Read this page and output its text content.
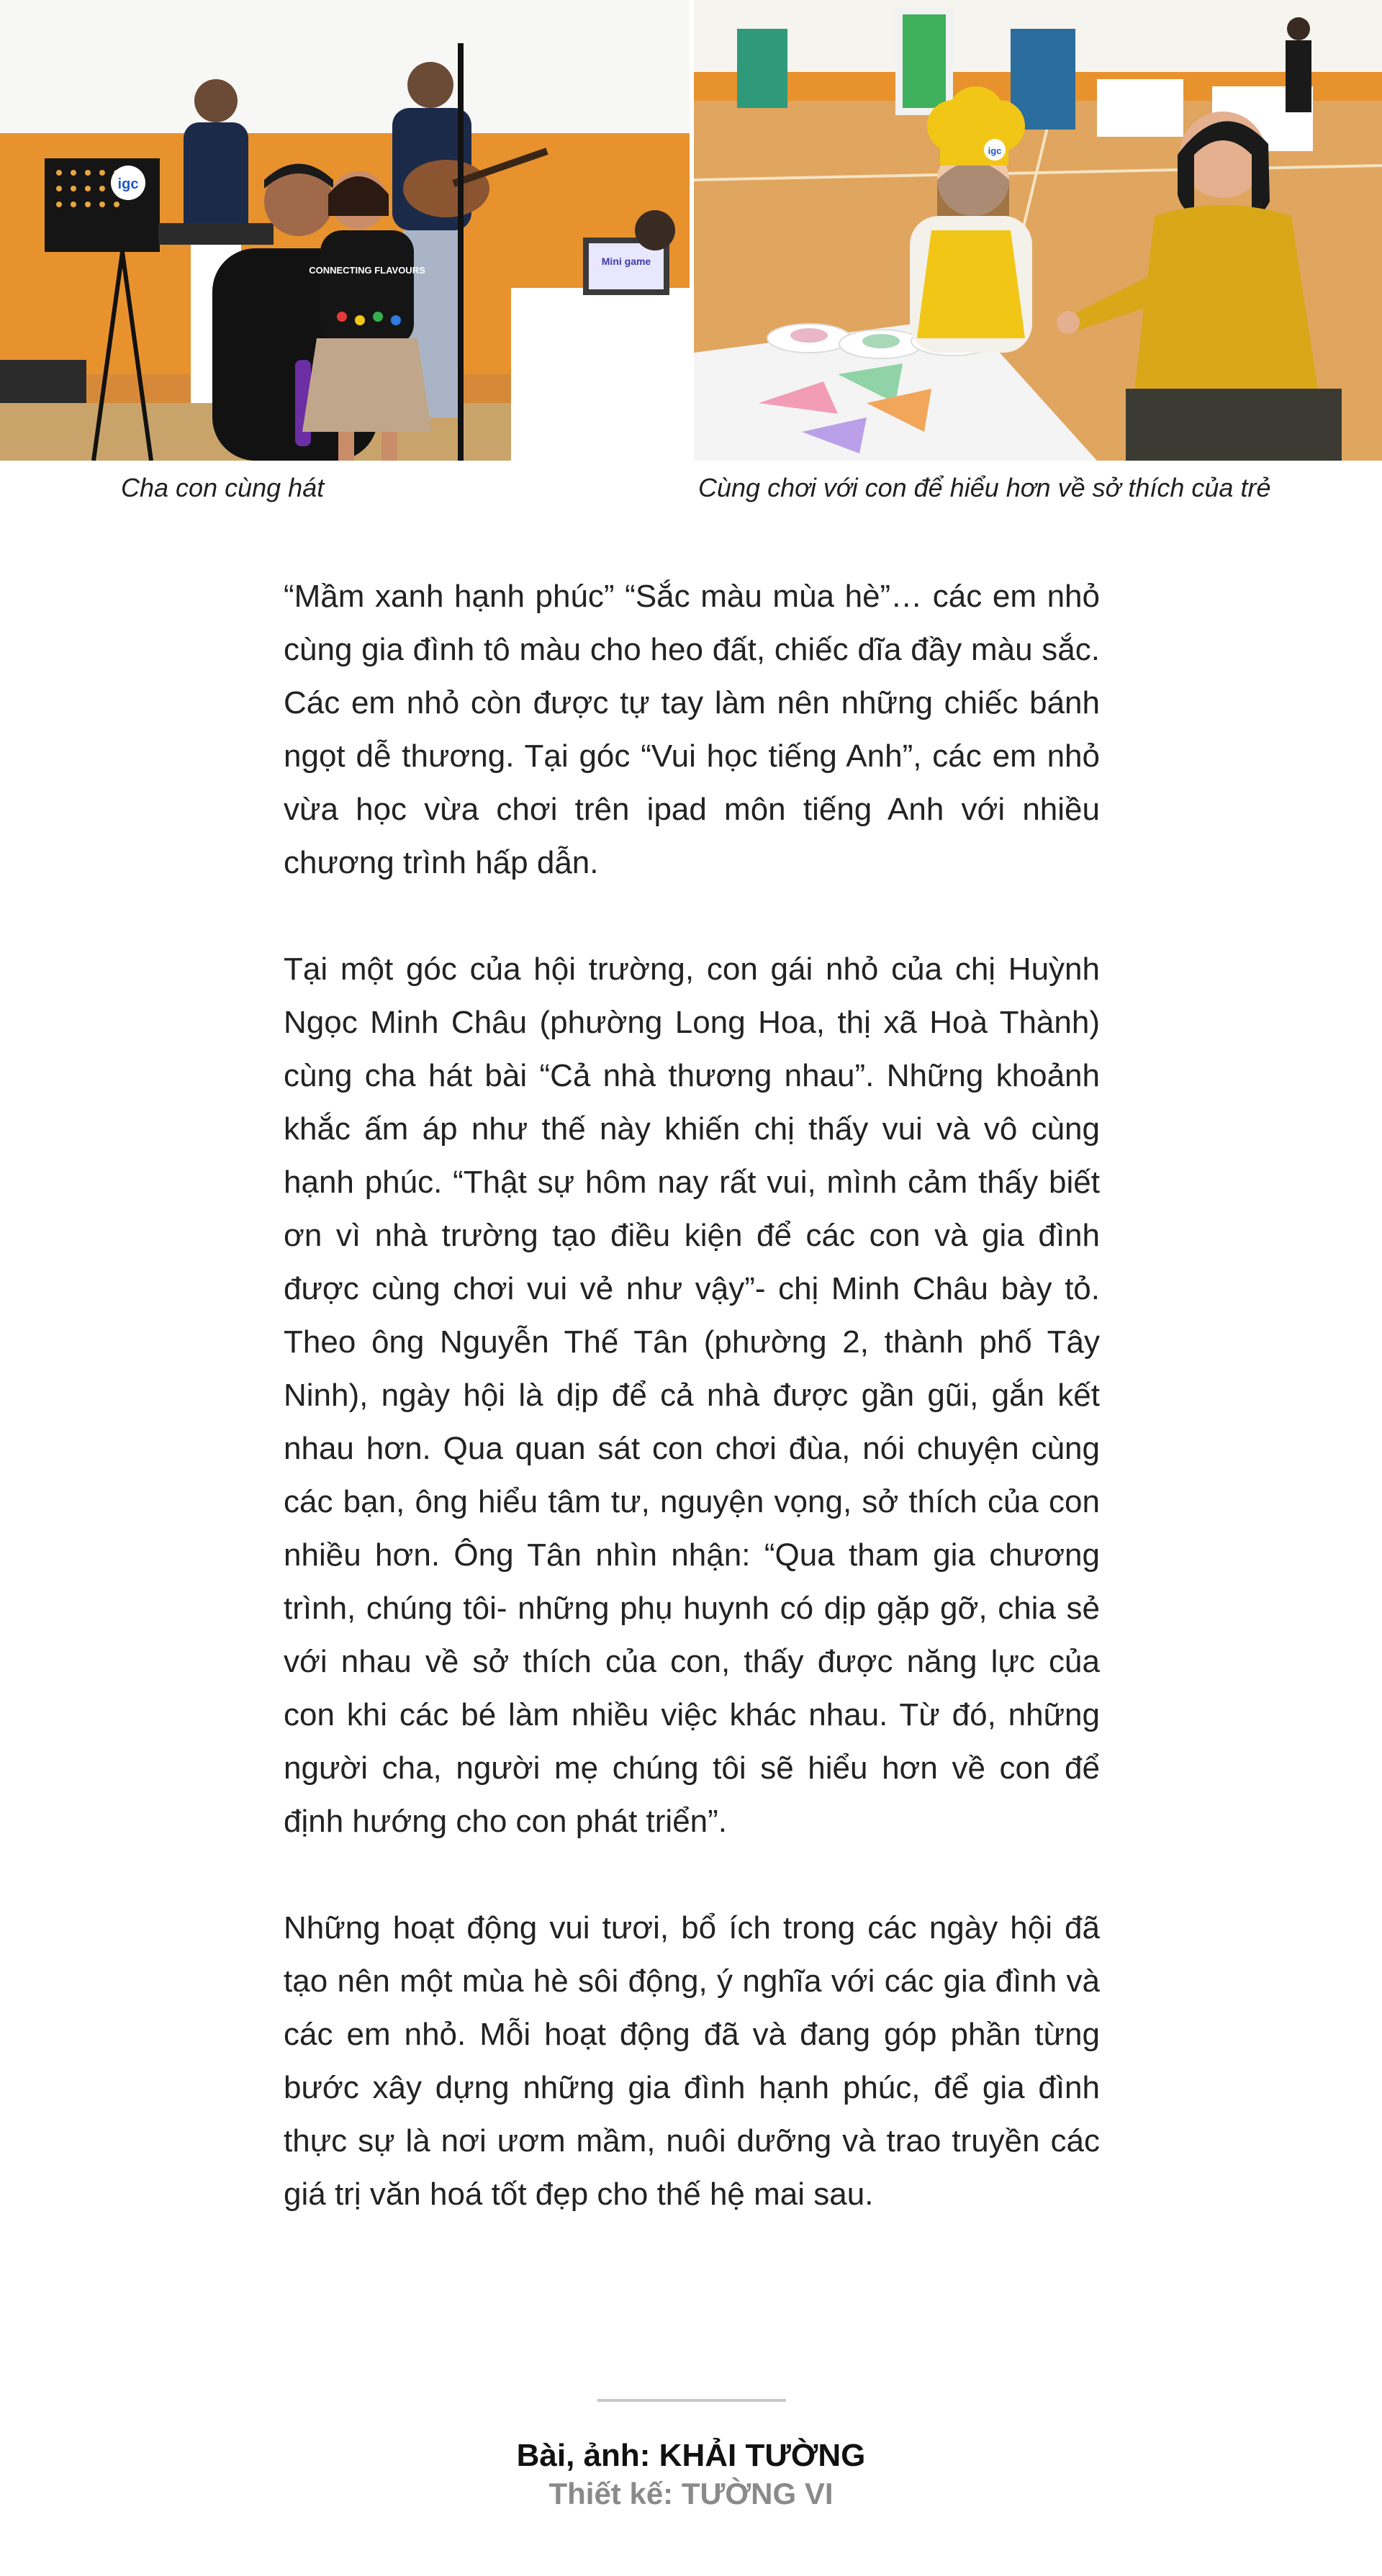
igc
Mini game
CONNECTING FLAVOURS
igc
Cha con cùng hát	Cùng chơi với con để hiểu hơn về sở thích của trẻ

“Mầm xanh hạnh phúc” “Sắc màu mùa hè”… các em nhỏ cùng gia đình tô màu cho heo đất, chiếc dĩa đầy màu sắc. Các em nhỏ còn được tự tay làm nên những chiếc bánh ngọt dễ thương. Tại góc “Vui học tiếng Anh”, các em nhỏ vừa học vừa chơi trên ipad môn tiếng Anh với nhiều chương trình hấp dẫn.

Tại một góc của hội trường, con gái nhỏ của chị Huỳnh Ngọc Minh Châu (phường Long Hoa, thị xã Hoà Thành) cùng cha hát bài “Cả nhà thương nhau”. Những khoảnh khắc ấm áp như thế này khiến chị thấy vui và vô cùng hạnh phúc. “Thật sự hôm nay rất vui, mình cảm thấy biết ơn vì nhà trường tạo điều kiện để các con và gia đình được cùng chơi vui vẻ như vậy”- chị Minh Châu bày tỏ. Theo ông Nguyễn Thế Tân (phường 2, thành phố Tây Ninh), ngày hội là dịp để cả nhà được gần gũi, gắn kết nhau hơn. Qua quan sát con chơi đùa, nói chuyện cùng các bạn, ông hiểu tâm tư, nguyện vọng, sở thích của con nhiều hơn. Ông Tân nhìn nhận: “Qua tham gia chương trình, chúng tôi- những phụ huynh có dịp gặp gỡ, chia sẻ với nhau về sở thích của con, thấy được năng lực của con khi các bé làm nhiều việc khác nhau. Từ đó, những người cha, người mẹ chúng tôi sẽ hiểu hơn về con để định hướng cho con phát triển”.

Những hoạt động vui tươi, bổ ích trong các ngày hội đã tạo nên một mùa hè sôi động, ý nghĩa với các gia đình và các em nhỏ. Mỗi hoạt động đã và đang góp phần từng bước xây dựng những gia đình hạnh phúc, để gia đình thực sự là nơi ươm mầm, nuôi dưỡng và trao truyền các giá trị văn hoá tốt đẹp cho thế hệ mai sau.

Bài, ảnh: KHẢI TƯỜNG
Thiết kế: TƯỜNG VI
